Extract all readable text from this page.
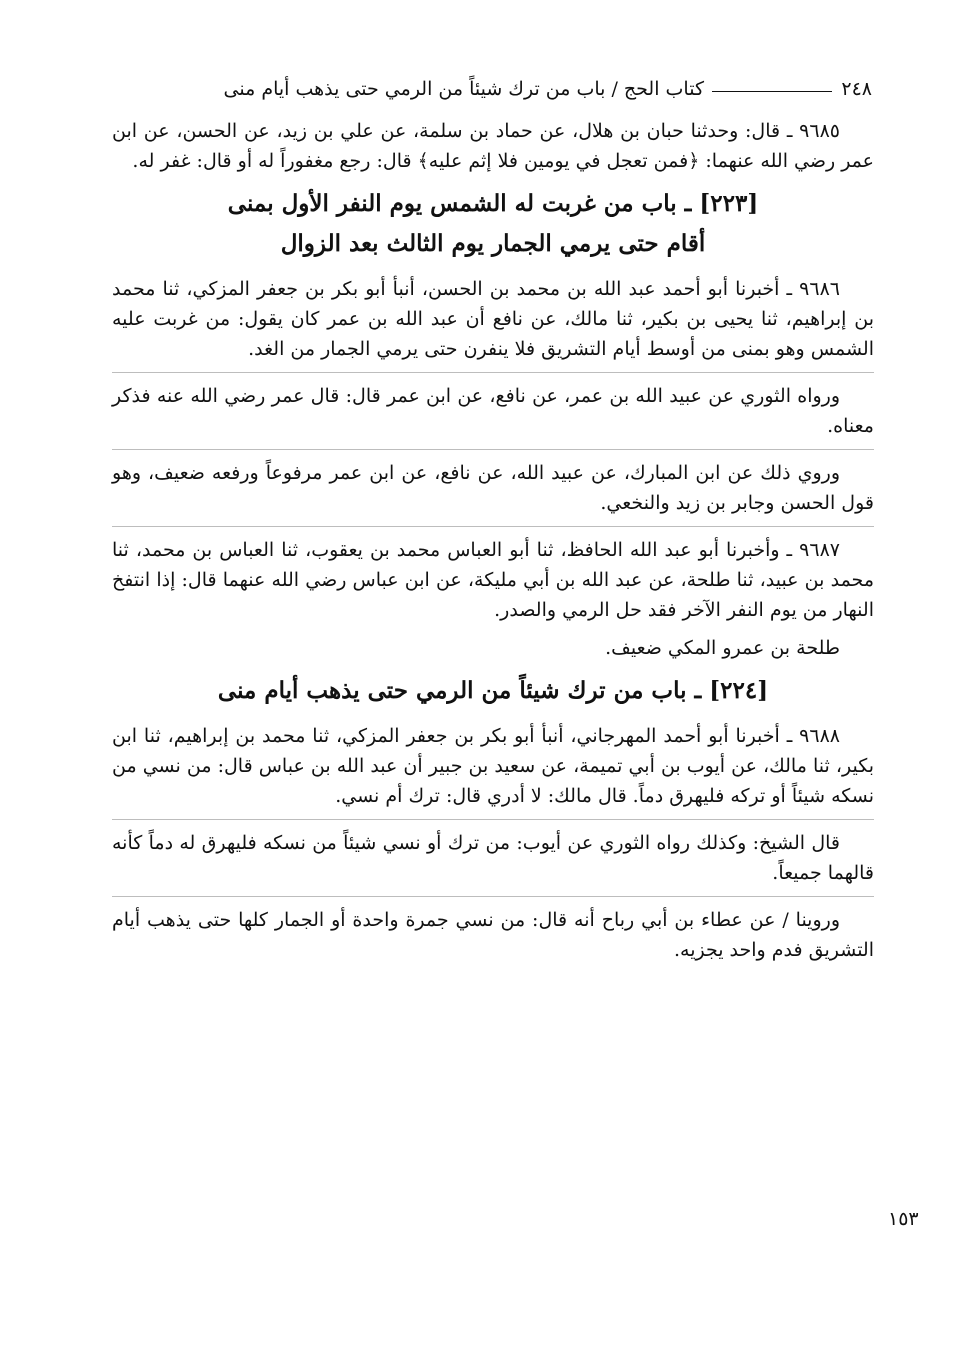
٢٤٨
كتاب الحج / باب من ترك شيئاً من الرمي حتى يذهب أيام منى

٩٦٨٥ ـ قال: وحدثنا حبان بن هلال، عن حماد بن سلمة، عن علي بن زيد، عن الحسن، عن ابن عمر رضي الله عنهما: ﴿فمن تعجل في يومين فلا إثم عليه﴾ قال: رجع مغفوراً له أو قال: غفر له.

[٢٢٣] ـ باب من غربت له الشمس يوم النفر الأول بمنى
أقام حتى يرمي الجمار يوم الثالث بعد الزوال

٩٦٨٦ ـ أخبرنا أبو أحمد عبد الله بن محمد بن الحسن، أنبأ أبو بكر بن جعفر المزكي، ثنا محمد بن إبراهيم، ثنا يحيى بن بكير، ثنا مالك، عن نافع أن عبد الله بن عمر كان يقول: من غربت عليه الشمس وهو بمنى من أوسط أيام التشريق فلا ينفرن حتى يرمي الجمار من الغد.

ورواه الثوري عن عبيد الله بن عمر، عن نافع، عن ابن عمر قال: قال عمر رضي الله عنه فذكر معناه.

وروي ذلك عن ابن المبارك، عن عبيد الله، عن نافع، عن ابن عمر مرفوعاً ورفعه ضعيف، وهو قول الحسن وجابر بن زيد والنخعي.

٩٦٨٧ ـ وأخبرنا أبو عبد الله الحافظ، ثنا أبو العباس محمد بن يعقوب، ثنا العباس بن محمد، ثنا محمد بن عبيد، ثنا طلحة، عن عبد الله بن أبي مليكة، عن ابن عباس رضي الله عنهما قال: إذا انتفخ النهار من يوم النفر الآخر فقد حل الرمي والصدر.

طلحة بن عمرو المكي ضعيف.

[٢٢٤] ـ باب من ترك شيئاً من الرمي حتى يذهب أيام منى

٩٦٨٨ ـ أخبرنا أبو أحمد المهرجاني، أنبأ أبو بكر بن جعفر المزكي، ثنا محمد بن إبراهيم، ثنا ابن بكير، ثنا مالك، عن أيوب بن أبي تميمة، عن سعيد بن جبير أن عبد الله بن عباس قال: من نسي من نسكه شيئاً أو تركه فليهرق دماً. قال مالك: لا أدري قال: ترك أم نسي.

قال الشيخ: وكذلك رواه الثوري عن أيوب: من ترك أو نسي شيئاً من نسكه فليهرق له دماً كأنه قالهما جميعاً.

وروينا / عن عطاء بن أبي رباح أنه قال: من نسي جمرة واحدة أو الجمار كلها حتى يذهب أيام التشريق فدم واحد يجزيه.

١٥٣
